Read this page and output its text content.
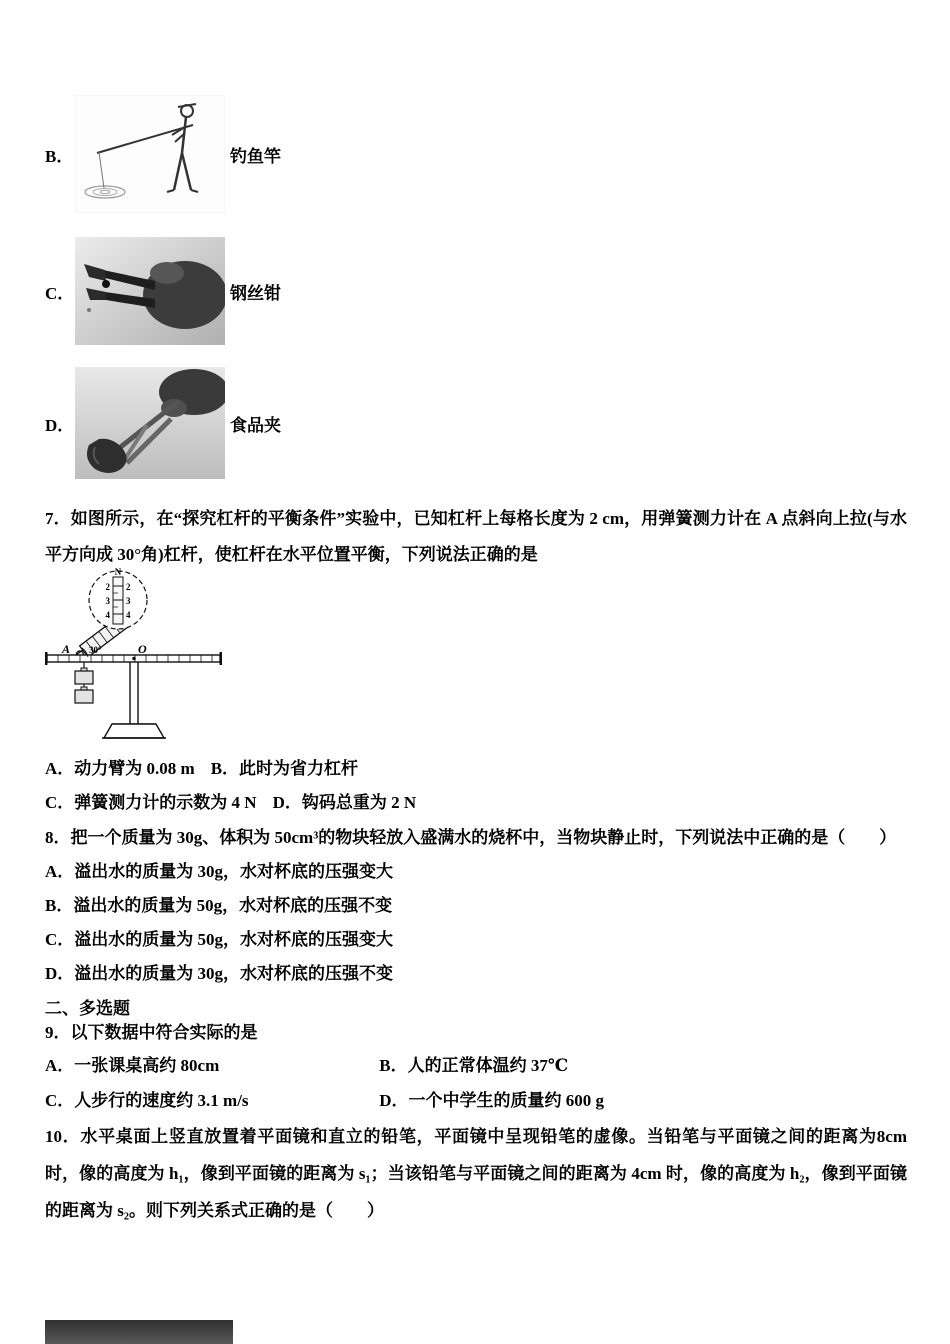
B．	钓鱼竿
C．	钢丝钳
D．	食品夹
7．如图所示，在“探究杠杆的平衡条件”实验中，已知杠杆上每格长度为 2 cm，用弹簧测力计在 A 点斜向上拉(与水平方向成 30°角)杠杆，使杠杆在水平位置平衡，下列说法正确的是
2
3
4
2
3
4
N
30°
A	O
A．动力臂为 0.08 m B．此时为省力杠杆
C．弹簧测力计的示数为 4 N D．钩码总重为 2 N
8．把一个质量为 30g、体积为 50cm³的物块轻放入盛满水的烧杯中，当物块静止时，下列说法中正确的是（　　）
A．溢出水的质量为 30g，水对杯底的压强变大
B．溢出水的质量为 50g，水对杯底的压强不变
C．溢出水的质量为 50g，水对杯底的压强变大
D．溢出水的质量为 30g，水对杯底的压强不变
二、多选题
9．以下数据中符合实际的是
A．一张课桌高约 80cm	B．人的正常体温约 37℃
C．人步行的速度约 3.1 m/s	D．一个中学生的质量约 600 g
10．水平桌面上竖直放置着平面镜和直立的铅笔，平面镜中呈现铅笔的虚像。当铅笔与平面镜之间的距离为8cm时，像的高度为 h₁，像到平面镜的距离为 s₁；当该铅笔与平面镜之间的距离为 4cm 时，像的高度为 h₂，像到平面镜的距离为 s₂。则下列关系式正确的是（　　）
